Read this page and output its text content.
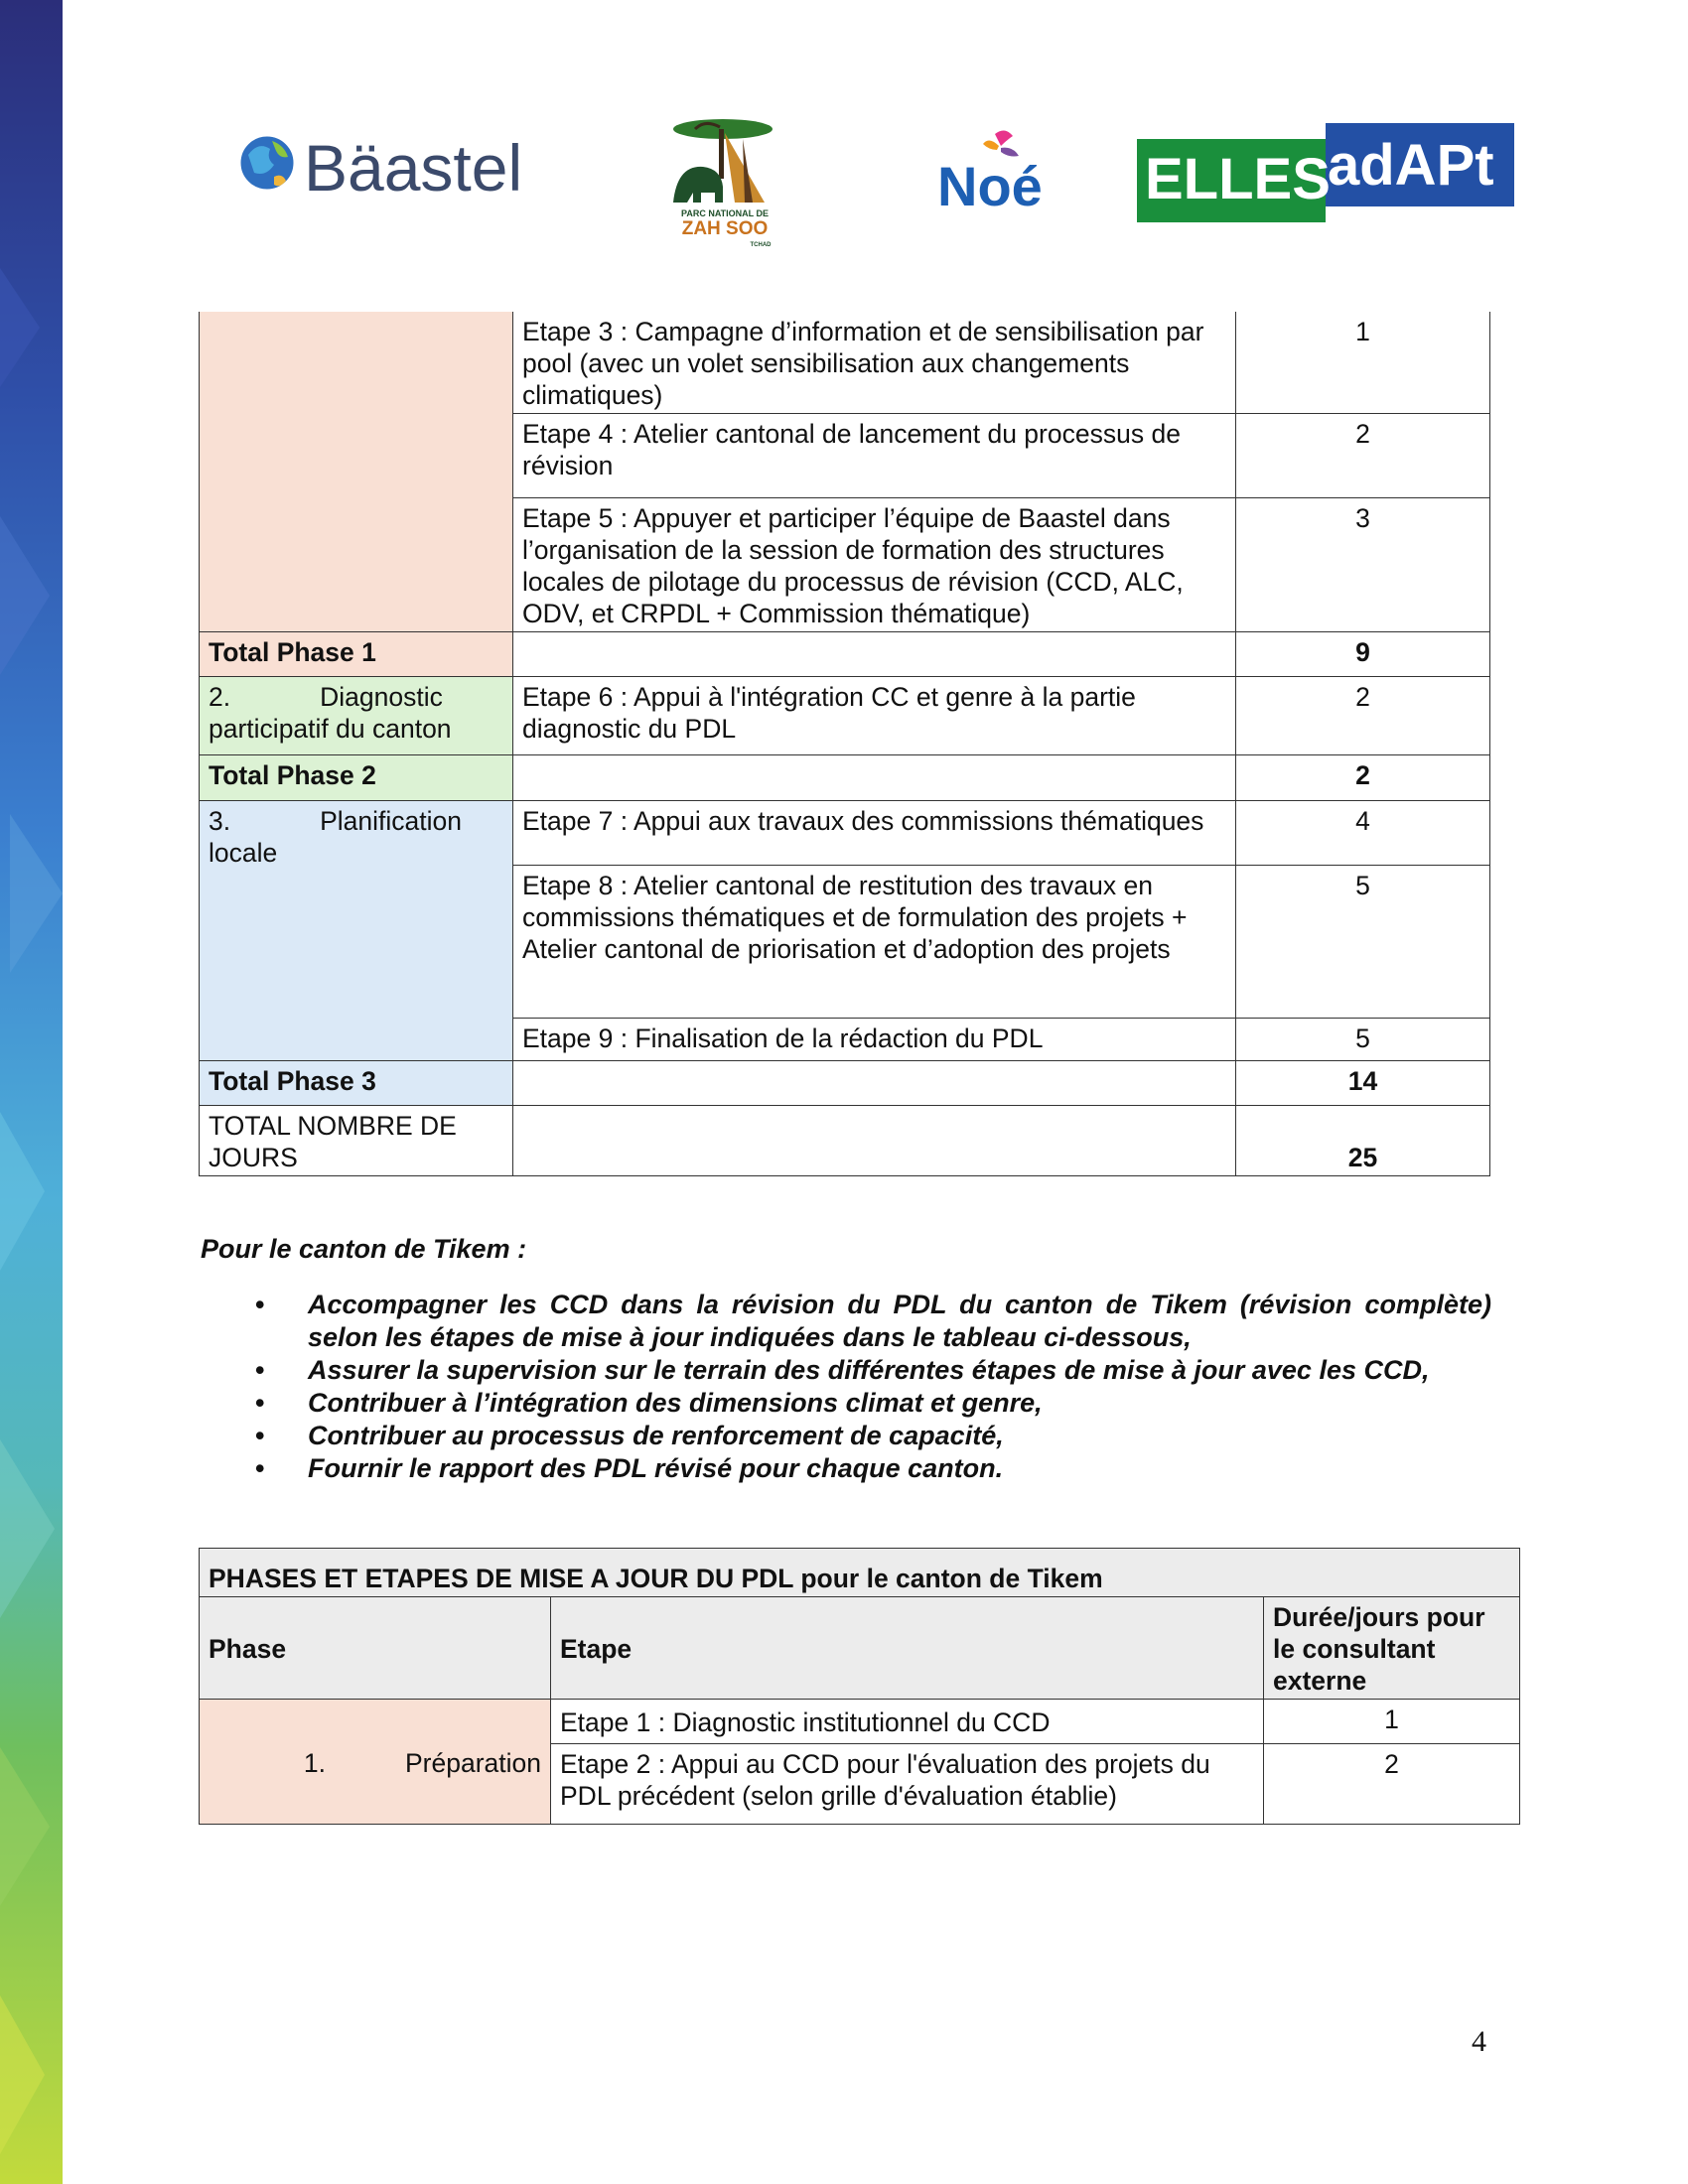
Bäastel
PARC NATIONAL DE
ZAH SOO
TCHAD
Noé ELLES
adAPt
	Etape 3 : Campagne d’information et de sensibilisation par pool (avec un volet sensibilisation aux changements climatiques)	1
	Etape 4 : Atelier cantonal de lancement du processus de révision	2
	Etape 5 : Appuyer et participer l’équipe de Baastel dans l’organisation de la session de formation des structures locales de pilotage du processus de révision (CCD, ALC, ODV, et CRPDL + Commission thématique)	3
Total Phase 1		9
2. Diagnostic
participatif du canton	Etape 6 : Appui à l'intégration CC et genre à la partie diagnostic du PDL	2
Total Phase 2		2
3. Planification
locale	Etape 7 : Appui aux travaux des commissions thématiques	4
	Etape 8 : Atelier cantonal de restitution des travaux en commissions thématiques et de formulation des projets + Atelier cantonal de priorisation et d’adoption des projets	5
	Etape 9 : Finalisation de la rédaction du PDL	5
Total Phase 3		14
TOTAL NOMBRE DE JOURS		25
Pour le canton de Tikem :
• Accompagner les CCD dans la révision du PDL du canton de Tikem (révision complète) selon les étapes de mise à jour indiquées dans le tableau ci-dessous,
• Assurer la supervision sur le terrain des différentes étapes de mise à jour avec les CCD,
• Contribuer à l’intégration des dimensions climat et genre,
• Contribuer au processus de renforcement de capacité,
• Fournir le rapport des PDL révisé pour chaque canton.
PHASES ET ETAPES DE MISE A JOUR DU PDL pour le canton de Tikem		
Phase	Etape	Durée/jours pour le consultant externe
1. Préparation	Etape 1 : Diagnostic institutionnel du CCD	1
	Etape 2 : Appui au CCD pour l'évaluation des projets du PDL précédent (selon grille d'évaluation établie)	2
4
